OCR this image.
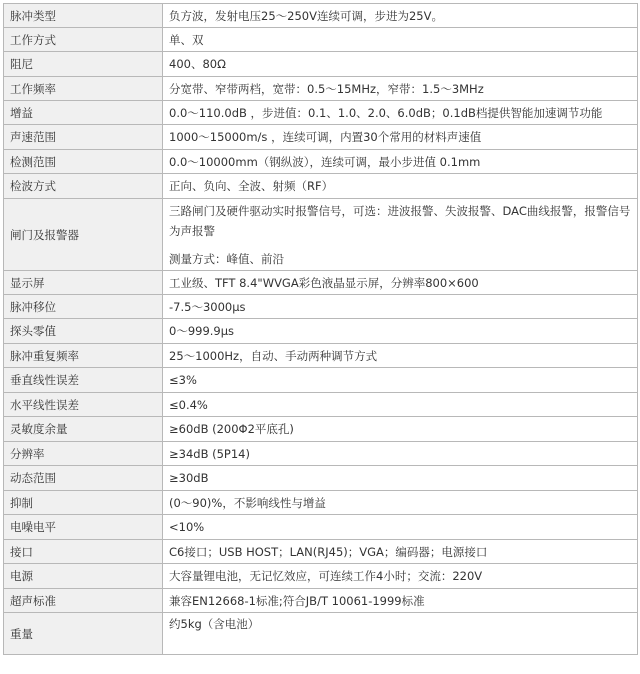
脉冲类型	负方波，发射电压25～250V连续可调，步进为25V。
工作方式	单、双
阻尼	400、80Ω
工作频率	分宽带、窄带两档，宽带：0.5～15MHz，窄带：1.5～3MHz
增益	0.0～110.0dB ，步进值：0.1、1.0、2.0、6.0dB；0.1dB档提供智能加速调节功能
声速范围	1000～15000m/s ，连续可调，内置30个常用的材料声速值
检测范围	0.0～10000mm（钢纵波），连续可调，最小步进值 0.1mm
检波方式	正向、负向、全波、射频（RF）
闸门及报警器	三路闸门及硬件驱动实时报警信号，可选：进波报警、失波报警、DAC曲线报警，报警信号为声报警
测量方式：峰值、前沿

显示屏	工业级、TFT 8.4"WVGA彩色液晶显示屏，分辨率800×600
脉冲移位	-7.5～3000μs
探头零值	0～999.9μs
脉冲重复频率	25～1000Hz，自动、手动两种调节方式
垂直线性误差	≤3%
水平线性误差	≤0.4%
灵敏度余量	≥60dB (200Φ2平底孔)
分辨率	≥34dB (5P14)
动态范围	≥30dB
抑制	(0～90)%，不影响线性与增益
电噪电平	<10%
接口	C6接口；USB HOST；LAN(RJ45)；VGA；编码器；电源接口
电源	大容量锂电池，无记忆效应，可连续工作4小时；交流：220V
超声标准	兼容EN12668-1标准;符合JB/T 10061-1999标准
重量	约5kg（含电池）
